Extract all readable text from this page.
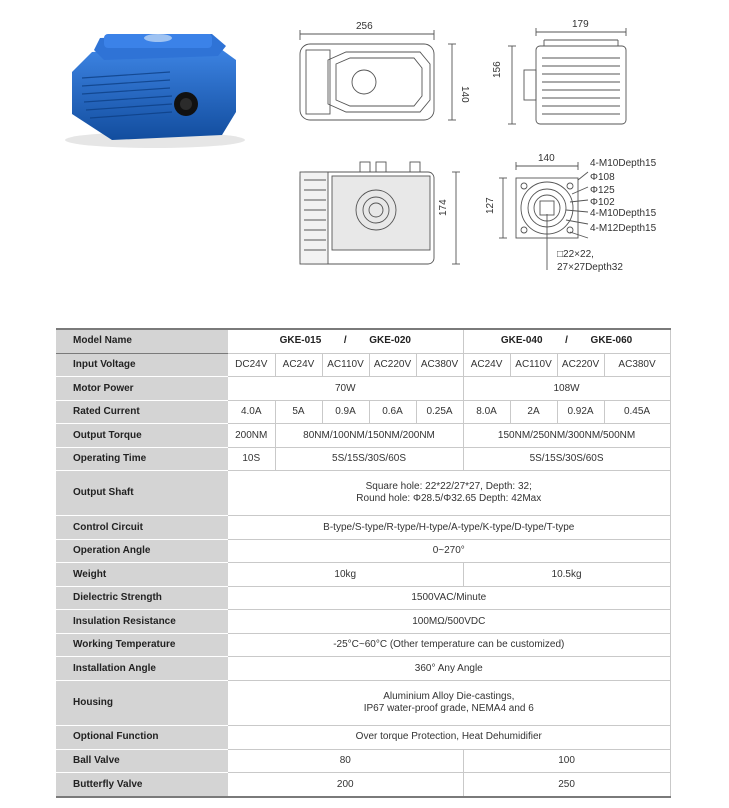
256
140
179
156
174
140
127
4-M10Depth15
Φ108
Φ125
Φ102
4-M10Depth15
4-M12Depth15
□22×22,
27×27Depth32
Model Name	GKE-015 / GKE-020					GKE-040 / GKE-060			
Input Voltage	DC24V	AC24V	AC110V	AC220V	AC380V	AC24V	AC110V	AC220V	AC380V
Motor Power	70W					108W			
Rated Current	4.0A	5A	0.9A	0.6A	0.25A	8.0A	2A	0.92A	0.45A
Output Torque	200NM	80NM/100NM/150NM/200NM				150NM/250NM/300NM/500NM			
Operating Time	10S	5S/15S/30S/60S				5S/15S/30S/60S			
Output Shaft	Square hole: 22*22/27*27, Depth: 32;
Round hole: Φ28.5/Φ32.65 Depth: 42Max								

Control Circuit	B-type/S-type/R-type/H-type/A-type/K-type/D-type/T-type								
Operation Angle	0~270°								
Weight	10kg					10.5kg			
Dielectric Strength	1500VAC/Minute								
Insulation Resistance	100MΩ/500VDC								
Working Temperature	-25°C~60°C (Other temperature can be customized)								
Installation Angle	360° Any Angle								
Housing	Aluminium Alloy Die-castings,
IP67 water-proof grade, NEMA4 and 6								

Optional Function	Over torque Protection, Heat Dehumidifier								
Ball Valve	80					100			
Butterfly Valve	200					250			
